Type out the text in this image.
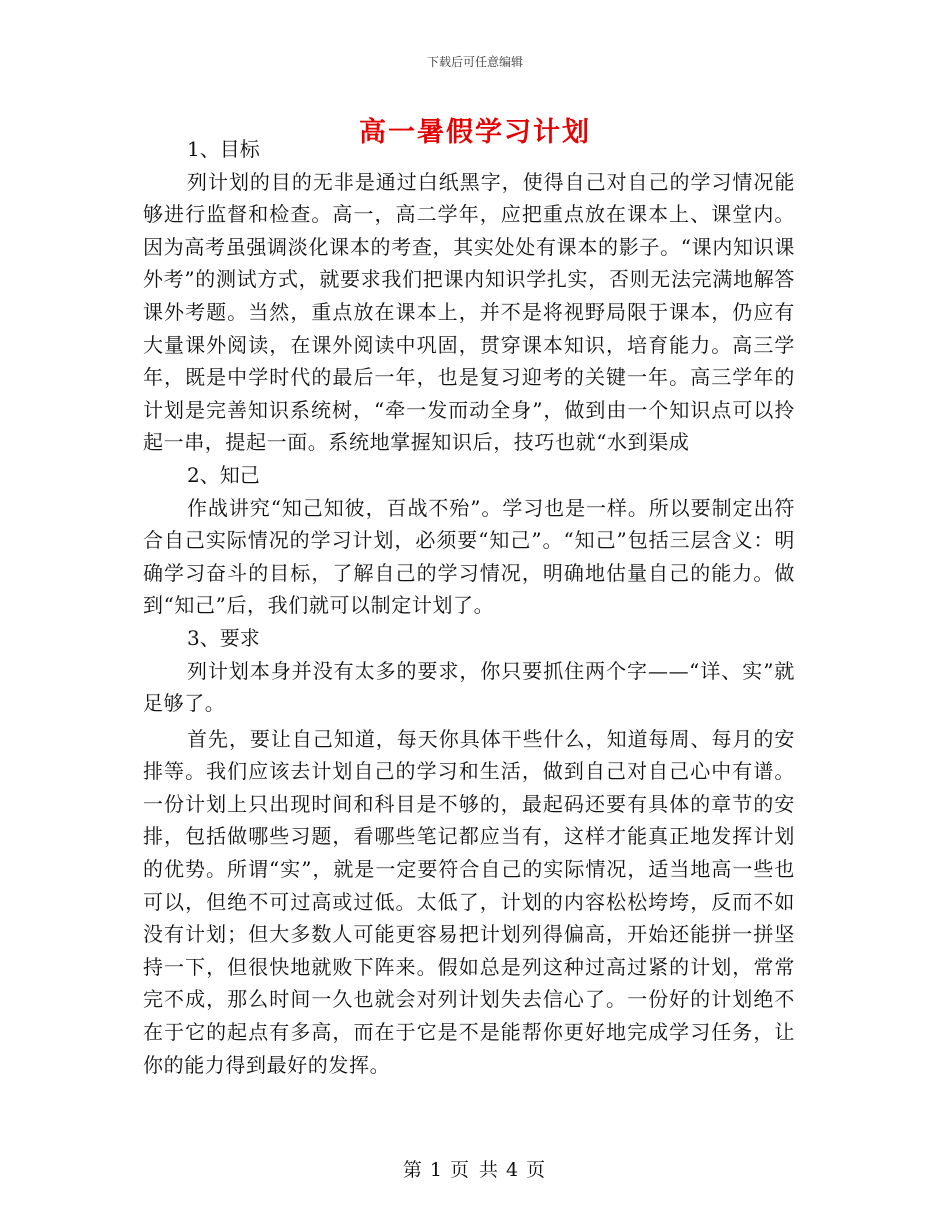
下载后可任意编辑
高一暑假学习计划

1、目标

列计划的目的无非是通过白纸黑字，使得自己对自己的学习情况能够进行监督和检查。高一，高二学年，应把重点放在课本上、课堂内。因为高考虽强调淡化课本的考查，其实处处有课本的影子。“课内知识课外考”的测试方式，就要求我们把课内知识学扎实，否则无法完满地解答课外考题。当然，重点放在课本上，并不是将视野局限于课本，仍应有大量课外阅读，在课外阅读中巩固，贯穿课本知识，培育能力。高三学年，既是中学时代的最后一年，也是复习迎考的关键一年。高三学年的计划是完善知识系统树，“牵一发而动全身”，做到由一个知识点可以拎起一串，提起一面。系统地掌握知识后，技巧也就“水到渠成

2、知己

作战讲究“知己知彼，百战不殆”。学习也是一样。所以要制定出符合自己实际情况的学习计划，必须要“知己”。“知己”包括三层含义：明确学习奋斗的目标，了解自己的学习情况，明确地估量自己的能力。做到“知己”后，我们就可以制定计划了。

3、要求

列计划本身并没有太多的要求，你只要抓住两个字——“详、实”就足够了。

首先，要让自己知道，每天你具体干些什么，知道每周、每月的安排等。我们应该去计划自己的学习和生活，做到自己对自己心中有谱。一份计划上只出现时间和科目是不够的，最起码还要有具体的章节的安排，包括做哪些习题，看哪些笔记都应当有，这样才能真正地发挥计划的优势。所谓“实”，就是一定要符合自己的实际情况，适当地高一些也可以，但绝不可过高或过低。太低了，计划的内容松松垮垮，反而不如没有计划；但大多数人可能更容易把计划列得偏高，开始还能拼一拼坚持一下，但很快地就败下阵来。假如总是列这种过高过紧的计划，常常完不成，那么时间一久也就会对列计划失去信心了。一份好的计划绝不在于它的起点有多高，而在于它是不是能帮你更好地完成学习任务，让你的能力得到最好的发挥。

第 1 页 共 4 页
